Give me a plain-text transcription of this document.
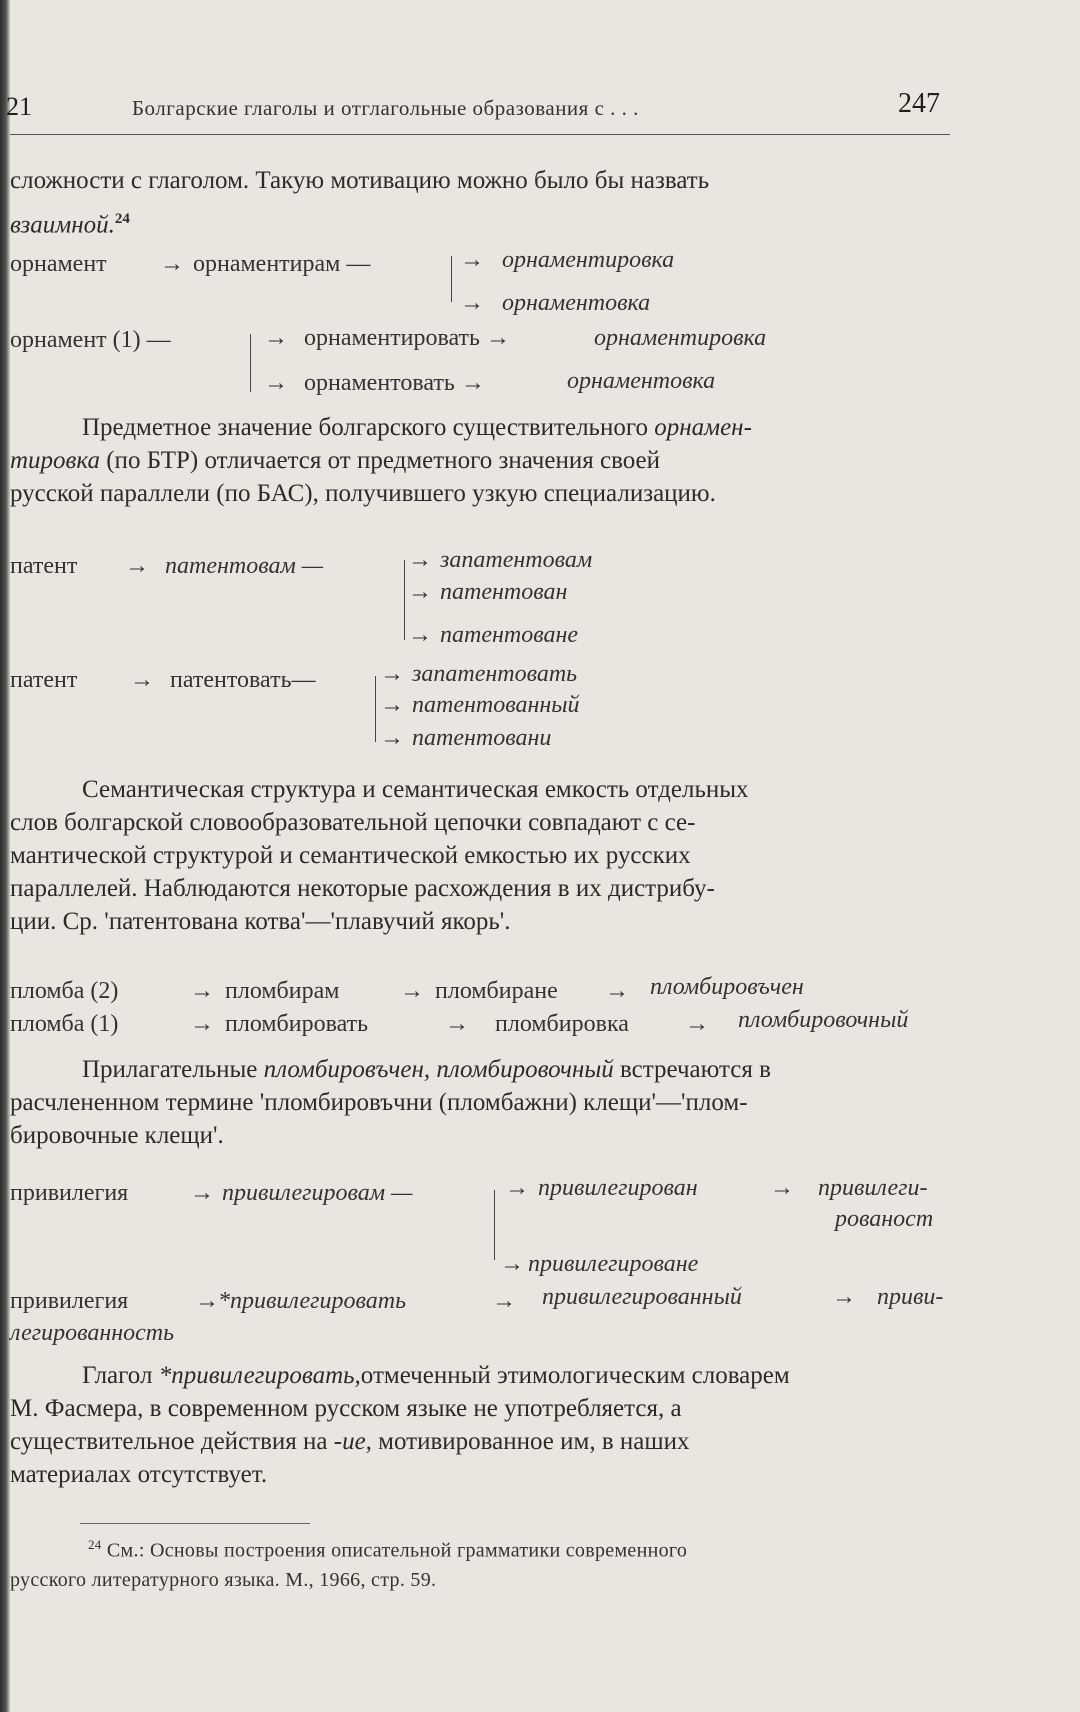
21	Болгарские глаголы и отглагольные образования с . . .	247
сложности с глаголом. Такую мотивацию можно было бы назвать
взаимной.$^{24}$
орнамент → орнаментирам —	→ орнаментировка
→ орнаментовка
орнамент (1) —	→ орнаментировать →	орнаментировка
→ орнаментовать →	орнаментовка
Предметное значение болгарского существительного орнамен-
тировка (по БТР) отличается от предметного значения своей
русской параллели (по БАС), получившего узкую специализацию.
патент → патентовам —	→ запатентовам
→ патентован
→ патентоване
патент → патентовать—	→ запатентовать
→ патентованный
→ патентовани
Семантическая структура и семантическая емкость отдельных
слов болгарской словообразовательной цепочки совпадают с се-
мантической структурой и семантической емкостью их русских
параллелей. Наблюдаются некоторые расхождения в их дистрибу-
ции. Ср. 'патентована котва'—'плавучий якорь'.
пломба (2)	→ пломбирам	→ пломбиране → пломбировъчен
пломба (1)	→ пломбировать	→ пломбировка → пломбировочный
Прилагательные пломбировъчен, пломбировочный встречаются в
расчлененном термине 'пломбировъчни (пломбажни) клещи'—'плом-
бировочные клещи'.
привилегия	→ привилегировам —	→ привилегирован	→ привилеги-
рованост
→ привилегироване
привилегия	→ *привилегировать	→ привилегированный	→ приви-
легированность
Глагол *привилегировать,отмеченный этимологическим словарем
М. Фасмера, в современном русском языке не употребляется, а
существительное действия на -ие, мотивированное им, в наших
материалах отсутствует.
$^{24}$ См.: Основы построения описательной грамматики современного
русского литературного языка. М., 1966, стр. 59.
